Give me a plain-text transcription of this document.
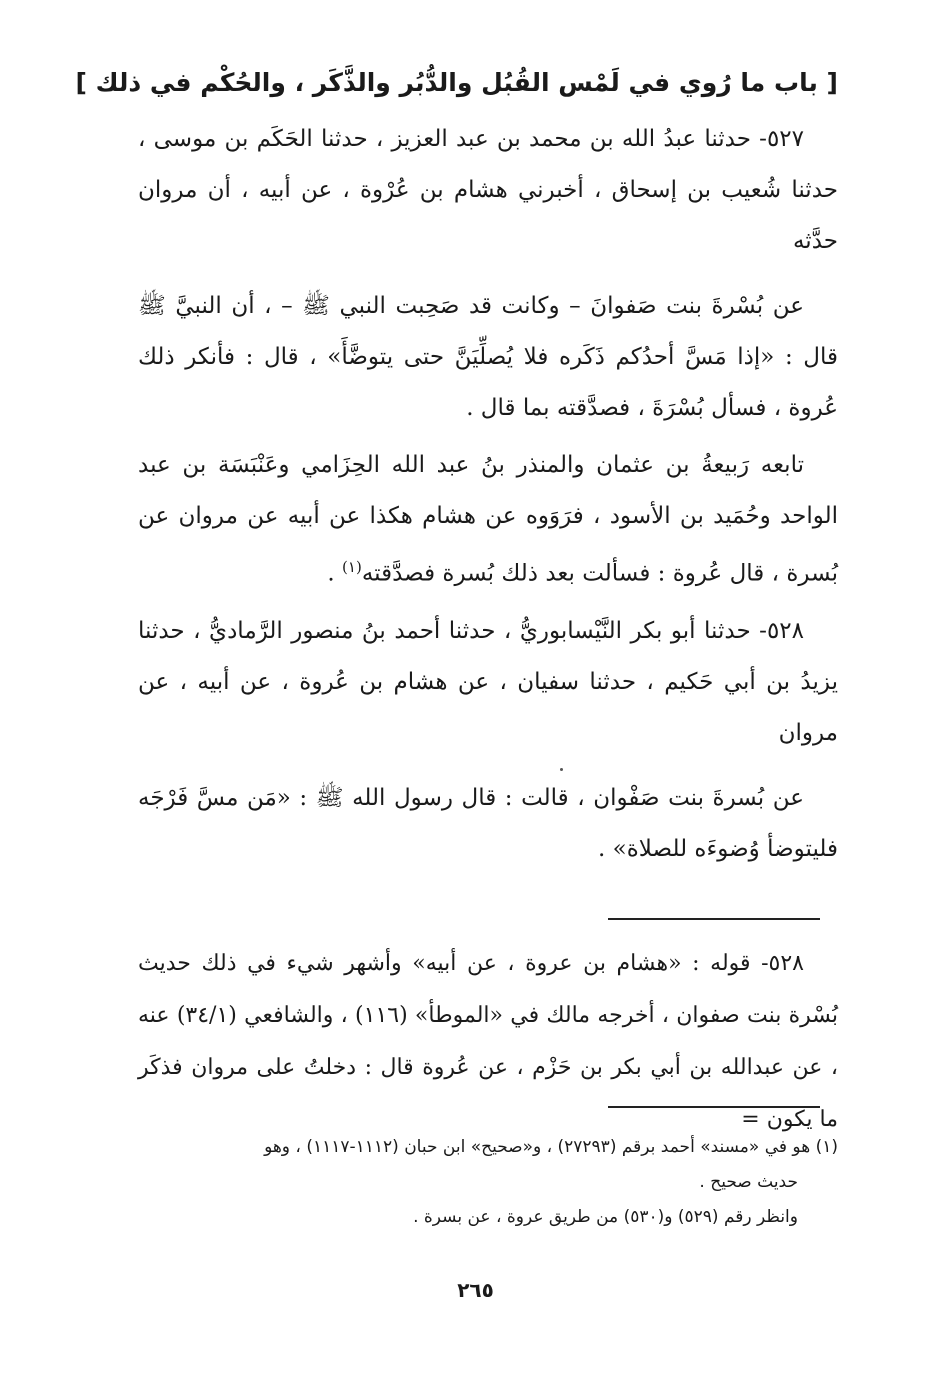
[ باب ما رُوي في لَمْس القُبُل والدُّبُر والذَّكَر ، والحُكْم في ذلك ]

٥٢٧- حدثنا عبدُ الله بن محمد بن عبد العزيز ، حدثنا الحَكَم بن موسى ، حدثنا شُعيب بن إسحاق ، أخبرني هشام بن عُرْوة ، عن أبيه ، أن مروان حدَّثه

عن بُسْرةَ بنت صَفوانَ – وكانت قد صَحِبت النبي ﷺ – ، أن النبيَّ ﷺ قال : «إذا مَسَّ أحدُكم ذَكَره فلا يُصلِّيَنَّ حتى يتوضَّأَ» ، قال : فأنكر ذلك عُروة ، فسأل بُسْرَةَ ، فصدَّقته بما قال .

تابعه رَبيعةُ بن عثمان والمنذر بنُ عبد الله الحِزَامي وعَنْبَسَة بن عبد الواحد وحُمَيد بن الأسود ، فرَوَوه عن هشام هكذا عن أبيه عن مروان عن بُسرة ، قال عُروة : فسألت بعد ذلك بُسرة فصدَّقته$^{(١)}$ .

٥٢٨- حدثنا أبو بكر النَّيْسابوريُّ ، حدثنا أحمد بنُ منصور الرَّماديُّ ، حدثنا يزيدُ بن أبي حَكيم ، حدثنا سفيان ، عن هشام بن عُروة ، عن أبيه ، عن مروان

عن بُسرةَ بنت صَفْوان ، قالت : قال رسول الله ﷺ : «مَن مسَّ فَرْجَه فليتوضأ وُضوءَه للصلاة» .

٥٢٨- قوله : «هشام بن عروة ، عن أبيه» وأشهر شيء في ذلك حديث بُسْرة بنت صفوان ، أخرجه مالك في «الموطأ» (١١٦) ، والشافعي (٣٤/١) عنه ، عن عبدالله بن أبي بكر بن حَزْم ، عن عُروة قال : دخلتُ على مروان فذكَر ما يكون =

(١) هو في «مسند» أحمد برقم (٢٧٢٩٣) ، و«صحيح» ابن حبان (١١١٢-١١١٧) ، وهو

حديث صحيح .

وانظر رقم (٥٢٩) و(٥٣٠) من طريق عروة ، عن بسرة .

٢٦٥
